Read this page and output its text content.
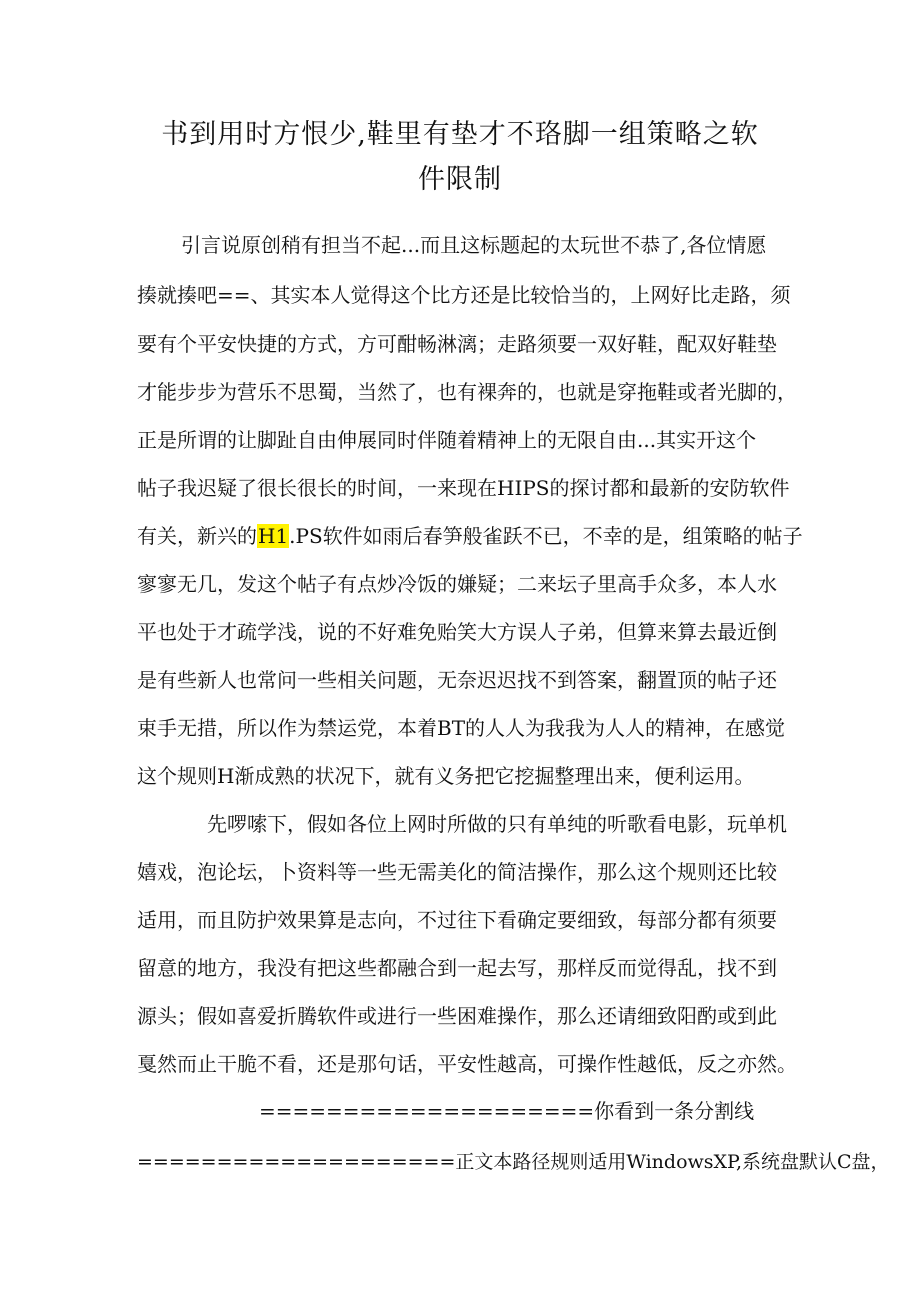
书到用时方恨少,鞋里有垫才不珞脚一组策略之软
件限制

引言说原创稍有担当不起...而且这标题起的太玩世不恭了,各位情愿

揍就揍吧==、其实本人觉得这个比方还是比较恰当的，上网好比走路，须

要有个平安快捷的方式，方可酣畅淋漓；走路须要一双好鞋，配双好鞋垫

才能步步为营乐不思蜀，当然了，也有裸奔的，也就是穿拖鞋或者光脚的，

正是所谓的让脚趾自由伸展同时伴随着精神上的无限自由...其实开这个

帖子我迟疑了很长很长的时间，一来现在HIPS的探讨都和最新的安防软件

有关，新兴的H1.PS软件如雨后春笋般雀跃不已，不幸的是，组策略的帖子

寥寥无几，发这个帖子有点炒冷饭的嫌疑；二来坛子里高手众多，本人水

平也处于才疏学浅，说的不好难免贻笑大方误人子弟，但算来算去最近倒

是有些新人也常问一些相关问题，无奈迟迟找不到答案，翻置顶的帖子还

束手无措，所以作为禁运党，本着BT的人人为我我为人人的精神，在感觉

这个规则H渐成熟的状况下，就有义务把它挖掘整理出来，便利运用。

先啰嗦下，假如各位上网时所做的只有单纯的听歌看电影，玩单机

嬉戏，泡论坛，卜资料等一些无需美化的简洁操作，那么这个规则还比较

适用，而且防护效果算是志向，不过往下看确定要细致，每部分都有须要

留意的地方，我没有把这些都融合到一起去写，那样反而觉得乱，找不到

源头；假如喜爱折腾软件或进行一些困难操作，那么还请细致阳酌或到此

戛然而止干脆不看，还是那句话，平安性越高，可操作性越低，反之亦然。

====================你看到一条分割线

====================正文本路径规则适用WindowsXP,系统盘默认C盘，
